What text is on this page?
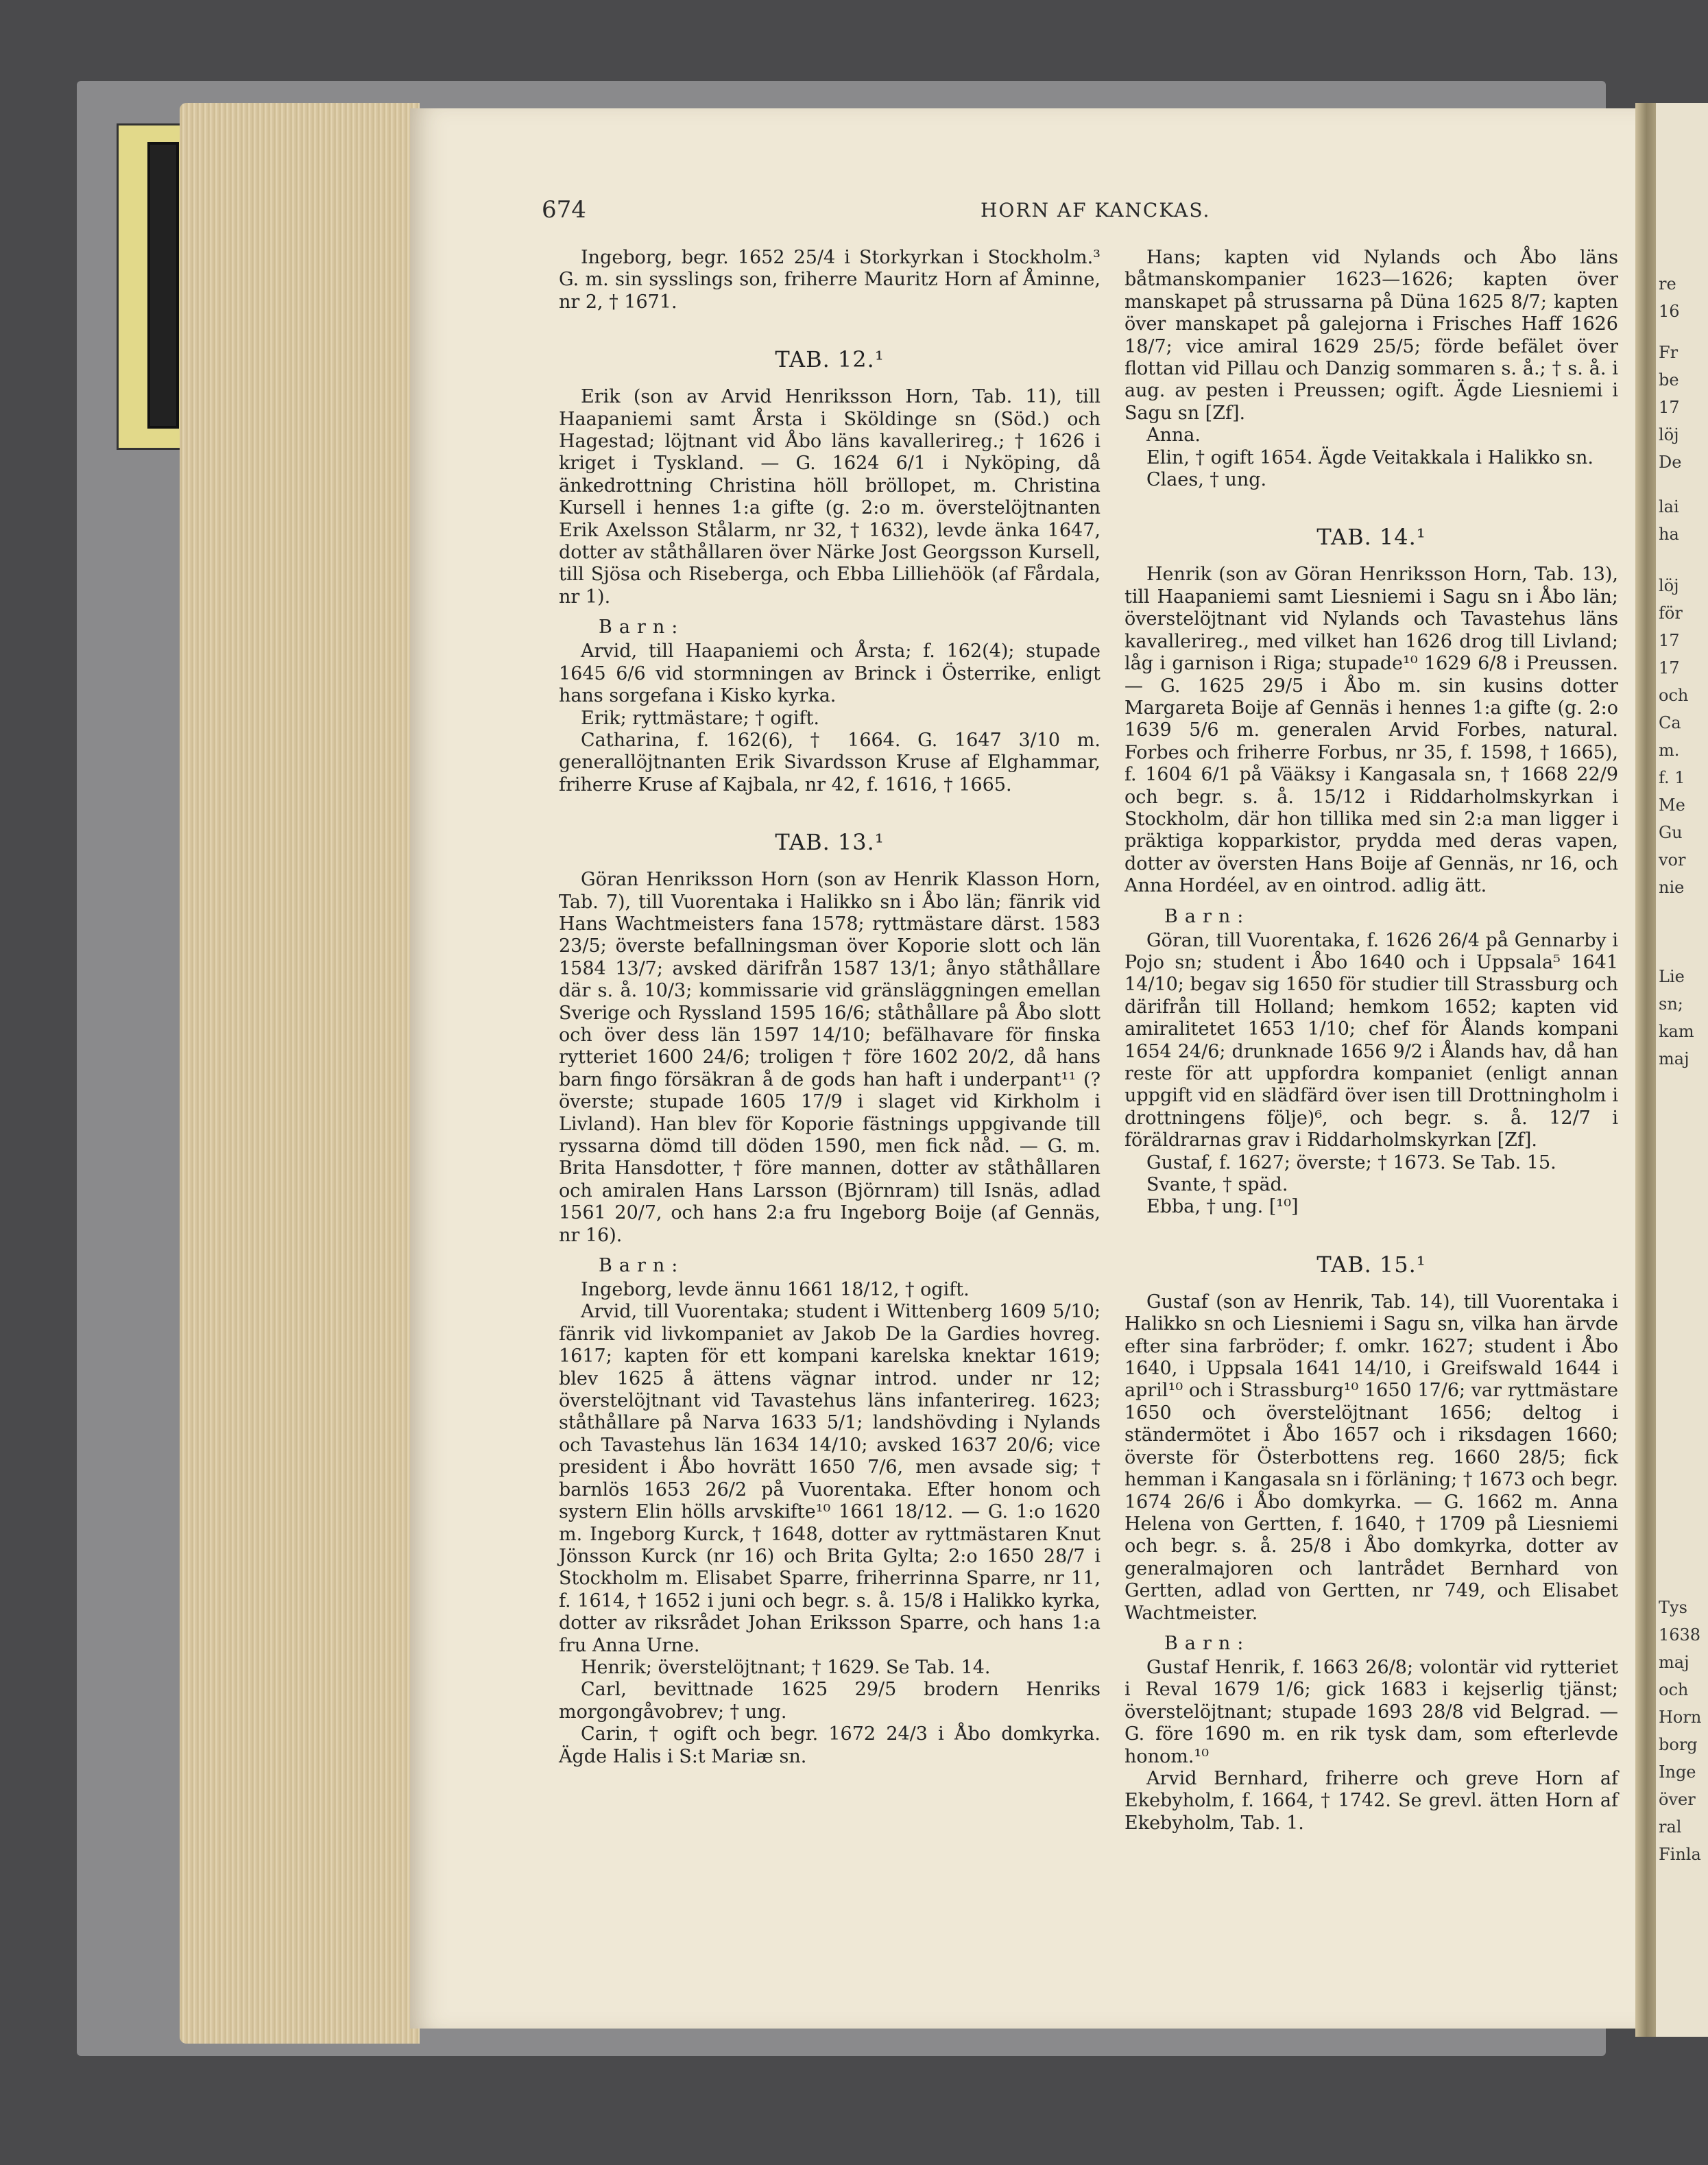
re
16
Fr
be
17
löj
De
lai
ha
löj
för
17
17
och
Ca
m.
f. 1
Me
Gu
vor
nie
Lie
sn;
kam
maj
Tys
1638
maj
och
Horn
borg
Inge
över
ral
Finla
674	HORN AF KANCKAS.

Ingeborg, begr. 1652 25/4 i Storkyrkan i Stockholm.³ G. m. sin sysslings son, friherre Mauritz Horn af Åminne, nr 2, † 1671.

TAB. 12.¹

Erik (son av Arvid Henriksson Horn, Tab. 11), till Haapaniemi samt Årsta i Sköldinge sn (Söd.) och Hagestad; löjtnant vid Åbo läns kavallerireg.; † 1626 i kriget i Tyskland. — G. 1624 6/1 i Nyköping, då änkedrottning Christina höll bröllopet, m. Christina Kursell i hennes 1:a gifte (g. 2:o m. överstelöjtnanten Erik Axelsson Stålarm, nr 32, † 1632), levde änka 1647, dotter av ståthållaren över Närke Jost Georgsson Kursell, till Sjösa och Riseberga, och Ebba Lilliehöök (af Fårdala, nr 1).

Barn:

Arvid, till Haapaniemi och Årsta; f. 162(4); stupade 1645 6/6 vid stormningen av Brinck i Österrike, enligt hans sorgefana i Kisko kyrka.

Erik; ryttmästare; † ogift.

Catharina, f. 162(6), † 1664. G. 1647 3/10 m. generallöjtnanten Erik Sivardsson Kruse af Elghammar, friherre Kruse af Kajbala, nr 42, f. 1616, † 1665.

TAB. 13.¹

Göran Henriksson Horn (son av Henrik Klasson Horn, Tab. 7), till Vuorentaka i Halikko sn i Åbo län; fänrik vid Hans Wachtmeisters fana 1578; ryttmästare därst. 1583 23/5; överste befallningsman över Koporie slott och län 1584 13/7; avsked därifrån 1587 13/1; ånyo ståthållare där s. å. 10/3; kommissarie vid gränsläggningen emellan Sverige och Ryssland 1595 16/6; ståthållare på Åbo slott och över dess län 1597 14/10; befälhavare för finska rytteriet 1600 24/6; troligen † före 1602 20/2, då hans barn fingo försäkran å de gods han haft i underpant¹¹ (? överste; stupade 1605 17/9 i slaget vid Kirkholm i Livland). Han blev för Koporie fästnings uppgivande till ryssarna dömd till döden 1590, men fick nåd. — G. m. Brita Hansdotter, † före mannen, dotter av ståthållaren och amiralen Hans Larsson (Björnram) till Isnäs, adlad 1561 20/7, och hans 2:a fru Ingeborg Boije (af Gennäs, nr 16).

Barn:

Ingeborg, levde ännu 1661 18/12, † ogift.

Arvid, till Vuorentaka; student i Wittenberg 1609 5/10; fänrik vid livkompaniet av Jakob De la Gardies hovreg. 1617; kapten för ett kompani karelska knektar 1619; blev 1625 å ättens vägnar introd. under nr 12; överstelöjtnant vid Tavastehus läns infanterireg. 1623; ståthållare på Narva 1633 5/1; landshövding i Nylands och Tavastehus län 1634 14/10; avsked 1637 20/6; vice president i Åbo hovrätt 1650 7/6, men avsade sig; † barnlös 1653 26/2 på Vuorentaka. Efter honom och systern Elin hölls arvskifte¹⁰ 1661 18/12. — G. 1:o 1620 m. Ingeborg Kurck, † 1648, dotter av ryttmästaren Knut Jönsson Kurck (nr 16) och Brita Gylta; 2:o 1650 28/7 i Stockholm m. Elisabet Sparre, friherrinna Sparre, nr 11, f. 1614, † 1652 i juni och begr. s. å. 15/8 i Halikko kyrka, dotter av riksrådet Johan Eriksson Sparre, och hans 1:a fru Anna Urne.

Henrik; överstelöjtnant; † 1629. Se Tab. 14.

Carl, bevittnade 1625 29/5 brodern Henriks morgongåvobrev; † ung.

Carin, † ogift och begr. 1672 24/3 i Åbo domkyrka. Ägde Halis i S:t Mariæ sn.

Hans; kapten vid Nylands och Åbo läns båtmanskompanier 1623—1626; kapten över manskapet på strussarna på Düna 1625 8/7; kapten över manskapet på galejorna i Frisches Haff 1626 18/7; vice amiral 1629 25/5; förde befälet över flottan vid Pillau och Danzig sommaren s. å.; † s. å. i aug. av pesten i Preussen; ogift. Ägde Liesniemi i Sagu sn [Zf].

Anna.

Elin, † ogift 1654. Ägde Veitakkala i Halikko sn.

Claes, † ung.

TAB. 14.¹

Henrik (son av Göran Henriksson Horn, Tab. 13), till Haapaniemi samt Liesniemi i Sagu sn i Åbo län; överstelöjtnant vid Nylands och Tavastehus läns kavallerireg., med vilket han 1626 drog till Livland; låg i garnison i Riga; stupade¹⁰ 1629 6/8 i Preussen. — G. 1625 29/5 i Åbo m. sin kusins dotter Margareta Boije af Gennäs i hennes 1:a gifte (g. 2:o 1639 5/6 m. generalen Arvid Forbes, natural. Forbes och friherre Forbus, nr 35, f. 1598, † 1665), f. 1604 6/1 på Vääksy i Kangasala sn, † 1668 22/9 och begr. s. å. 15/12 i Riddarholmskyrkan i Stockholm, där hon tillika med sin 2:a man ligger i präktiga kopparkistor, prydda med deras vapen, dotter av översten Hans Boije af Gennäs, nr 16, och Anna Hordéel, av en ointrod. adlig ätt.

Barn:

Göran, till Vuorentaka, f. 1626 26/4 på Gennarby i Pojo sn; student i Åbo 1640 och i Uppsala⁵ 1641 14/10; begav sig 1650 för studier till Strassburg och därifrån till Holland; hemkom 1652; kapten vid amiralitetet 1653 1/10; chef för Ålands kompani 1654 24/6; drunknade 1656 9/2 i Ålands hav, då han reste för att uppfordra kompaniet (enligt annan uppgift vid en slädfärd över isen till Drottningholm i drottningens följe)⁶, och begr. s. å. 12/7 i föräldrarnas grav i Riddarholmskyrkan [Zf].

Gustaf, f. 1627; överste; † 1673. Se Tab. 15.

Svante, † späd.

Ebba, † ung. [¹⁰]

TAB. 15.¹

Gustaf (son av Henrik, Tab. 14), till Vuorentaka i Halikko sn och Liesniemi i Sagu sn, vilka han ärvde efter sina farbröder; f. omkr. 1627; student i Åbo 1640, i Uppsala 1641 14/10, i Greifswald 1644 i april¹⁰ och i Strassburg¹⁰ 1650 17/6; var ryttmästare 1650 och överstelöjtnant 1656; deltog i ständermötet i Åbo 1657 och i riksdagen 1660; överste för Österbottens reg. 1660 28/5; fick hemman i Kangasala sn i förläning; † 1673 och begr. 1674 26/6 i Åbo domkyrka. — G. 1662 m. Anna Helena von Gertten, f. 1640, † 1709 på Liesniemi och begr. s. å. 25/8 i Åbo domkyrka, dotter av generalmajoren och lantrådet Bernhard von Gertten, adlad von Gertten, nr 749, och Elisabet Wachtmeister.

Barn:

Gustaf Henrik, f. 1663 26/8; volontär vid rytteriet i Reval 1679 1/6; gick 1683 i kejserlig tjänst; överstelöjtnant; stupade 1693 28/8 vid Belgrad. — G. före 1690 m. en rik tysk dam, som efterlevde honom.¹⁰

Arvid Bernhard, friherre och greve Horn af Ekebyholm, f. 1664, † 1742. Se grevl. ätten Horn af Ekebyholm, Tab. 1.
